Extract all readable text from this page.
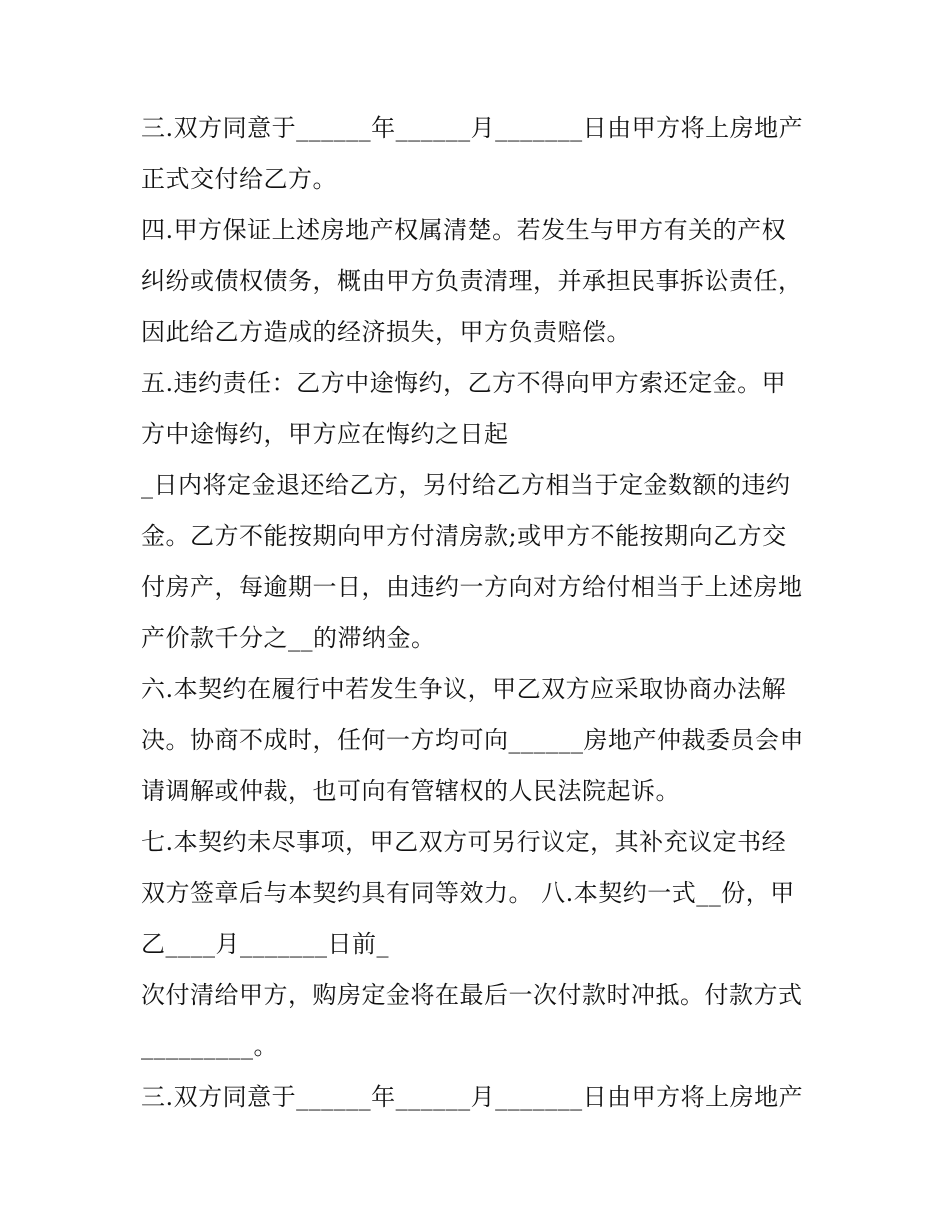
三.双方同意于______年______月_______日由甲方将上房地产
正式交付给乙方。
四.甲方保证上述房地产权属清楚。若发生与甲方有关的产权
纠纷或债权债务，概由甲方负责清理，并承担民事拆讼责任，
因此给乙方造成的经济损失，甲方负责赔偿。
五.违约责任：乙方中途悔约，乙方不得向甲方索还定金。甲
方中途悔约，甲方应在悔约之日起
_日内将定金退还给乙方，另付给乙方相当于定金数额的违约
金。乙方不能按期向甲方付清房款;或甲方不能按期向乙方交
付房产，每逾期一日，由违约一方向对方给付相当于上述房地
产价款千分之__的滞纳金。
六.本契约在履行中若发生争议，甲乙双方应采取协商办法解
决。协商不成时，任何一方均可向______房地产仲裁委员会申
请调解或仲裁，也可向有管辖权的人民法院起诉。
七.本契约未尽事项，甲乙双方可另行议定，其补充议定书经
双方签章后与本契约具有同等效力。 八.本契约一式__份，甲
乙____月_______日前_
次付清给甲方，购房定金将在最后一次付款时冲抵。付款方式
_________。
三.双方同意于______年______月_______日由甲方将上房地产
